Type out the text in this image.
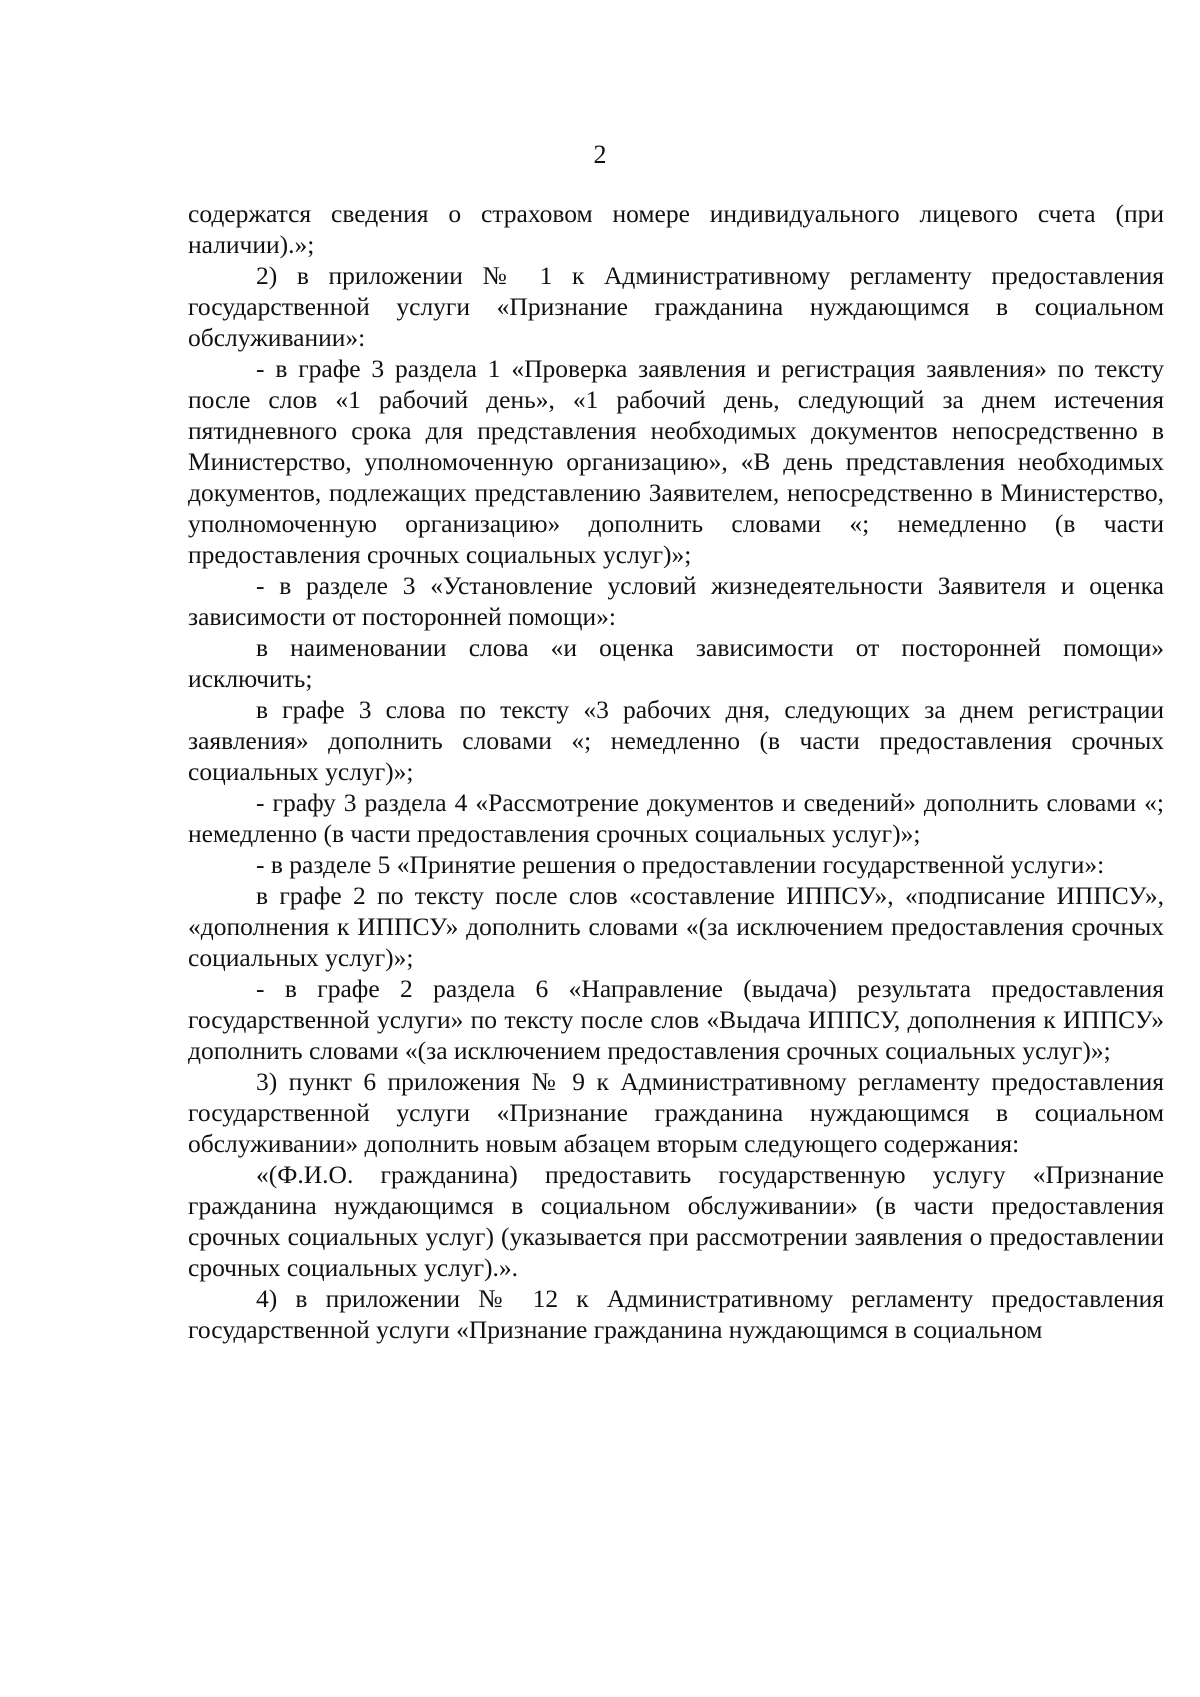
2

содержатся сведения о страховом номере индивидуального лицевого счета (при наличии).»;

2) в приложении № 1 к Административному регламенту предоставления государственной услуги «Признание гражданина нуждающимся в социальном обслуживании»:

- в графе 3 раздела 1 «Проверка заявления и регистрация заявления» по тексту после слов «1 рабочий день», «1 рабочий день, следующий за днем истечения пятидневного срока для представления необходимых документов непосредственно в Министерство, уполномоченную организацию», «В день представления необходимых документов, подлежащих представлению Заявителем, непосредственно в Министерство, уполномоченную организацию» дополнить словами «; немедленно (в части предоставления срочных социальных услуг)»;

- в разделе 3 «Установление условий жизнедеятельности Заявителя и оценка зависимости от посторонней помощи»:

в наименовании слова «и оценка зависимости от посторонней помощи» исключить;

в графе 3 слова по тексту «3 рабочих дня, следующих за днем регистрации заявления» дополнить словами «; немедленно (в части предоставления срочных социальных услуг)»;

- графу 3 раздела 4 «Рассмотрение документов и сведений» дополнить словами «; немедленно (в части предоставления срочных социальных услуг)»;

- в разделе 5 «Принятие решения о предоставлении государственной услуги»:

в графе 2 по тексту после слов «составление ИППСУ», «подписание ИППСУ», «дополнения к ИППСУ» дополнить словами «(за исключением предоставления срочных социальных услуг)»;

- в графе 2 раздела 6 «Направление (выдача) результата предоставления государственной услуги» по тексту после слов «Выдача ИППСУ, дополнения к ИППСУ» дополнить словами «(за исключением предоставления срочных социальных услуг)»;

3) пункт 6 приложения № 9 к Административному регламенту предоставления государственной услуги «Признание гражданина нуждающимся в социальном обслуживании» дополнить новым абзацем вторым следующего содержания:

«(Ф.И.О. гражданина) предоставить государственную услугу «Признание гражданина нуждающимся в социальном обслуживании» (в части предоставления срочных социальных услуг) (указывается при рассмотрении заявления о предоставлении срочных социальных услуг).».

4) в приложении № 12 к Административному регламенту предоставления государственной услуги «Признание гражданина нуждающимся в социальном
